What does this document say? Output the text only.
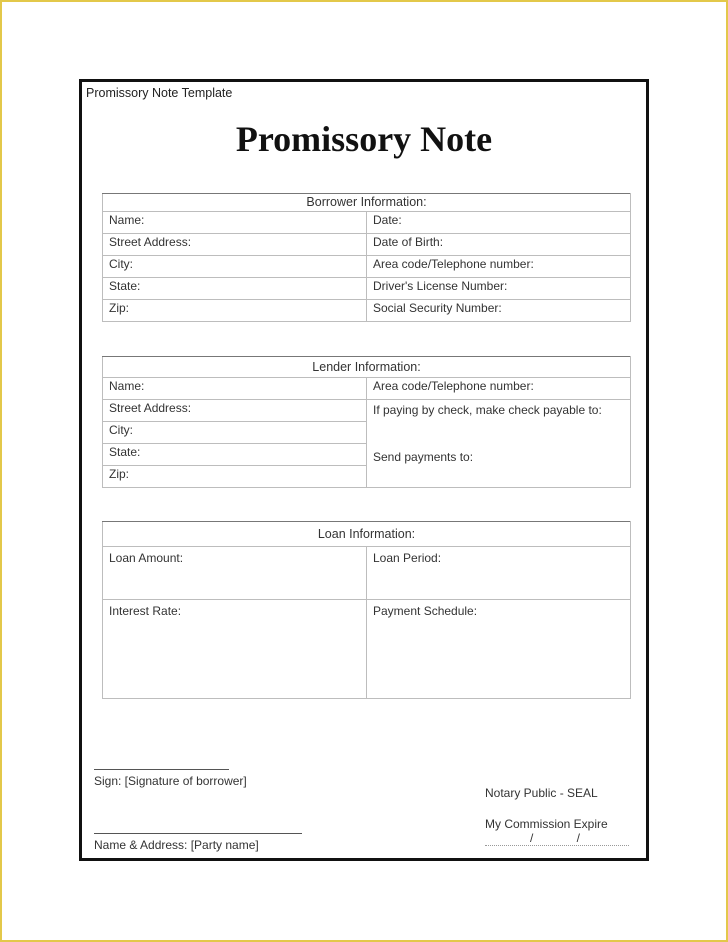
Promissory Note Template
Promissory Note
Borrower Information:	
Name:	Date:
Street Address:	Date of Birth:
City:	Area code/Telephone number:
State:	Driver's License Number:
Zip:	Social Security Number:
Lender Information:	
Name:	Area code/Telephone number:
Street Address:	If paying by check, make check payable to:
Send payments to:

City:	
State:	
Zip:	
Loan Information:	
Loan Amount:	Loan Period:
Interest Rate:	Payment Schedule:
Sign: [Signature of borrower]
Notary Public - SEAL
My Commission Expire
/             /
Name & Address: [Party name]
